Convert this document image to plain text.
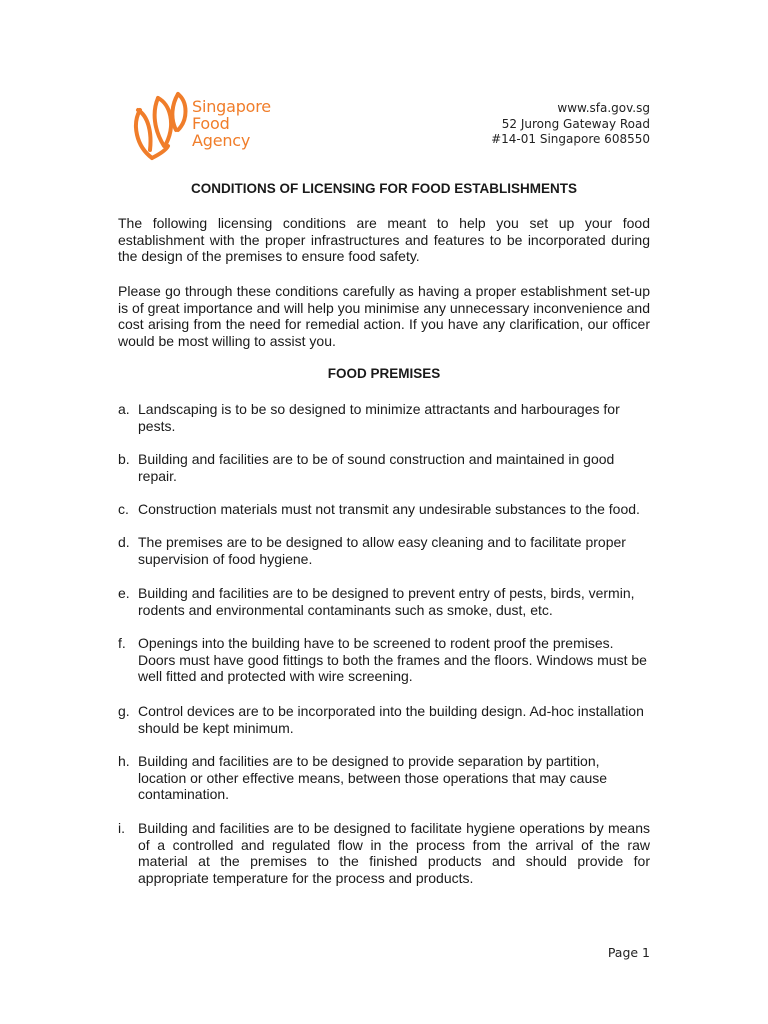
Singapore
Food
Agency
www.sfa.gov.sg
52 Jurong Gateway Road
#14-01 Singapore 608550
CONDITIONS OF LICENSING FOR FOOD ESTABLISHMENTS
The following licensing conditions are meant to help you set up your food establishment with the proper infrastructures and features to be incorporated during the design of the premises to ensure food safety.
Please go through these conditions carefully as having a proper establishment set-up is of great importance and will help you minimise any unnecessary inconvenience and cost arising from the need for remedial action. If you have any clarification, our officer would be most willing to assist you.
FOOD PREMISES
a. Landscaping is to be so designed to minimize attractants and harbourages for pests.
b. Building and facilities are to be of sound construction and maintained in good repair.
c. Construction materials must not transmit any undesirable substances to the food.
d. The premises are to be designed to allow easy cleaning and to facilitate proper supervision of food hygiene.
e. Building and facilities are to be designed to prevent entry of pests, birds, vermin, rodents and environmental contaminants such as smoke, dust, etc.
f. Openings into the building have to be screened to rodent proof the premises. Doors must have good fittings to both the frames and the floors. Windows must be well fitted and protected with wire screening.
g. Control devices are to be incorporated into the building design. Ad-hoc installation should be kept minimum.
h. Building and facilities are to be designed to provide separation by partition, location or other effective means, between those operations that may cause contamination.
i. Building and facilities are to be designed to facilitate hygiene operations by means of a controlled and regulated flow in the process from the arrival of the raw material at the premises to the finished products and should provide for appropriate temperature for the process and products.
Page 1
